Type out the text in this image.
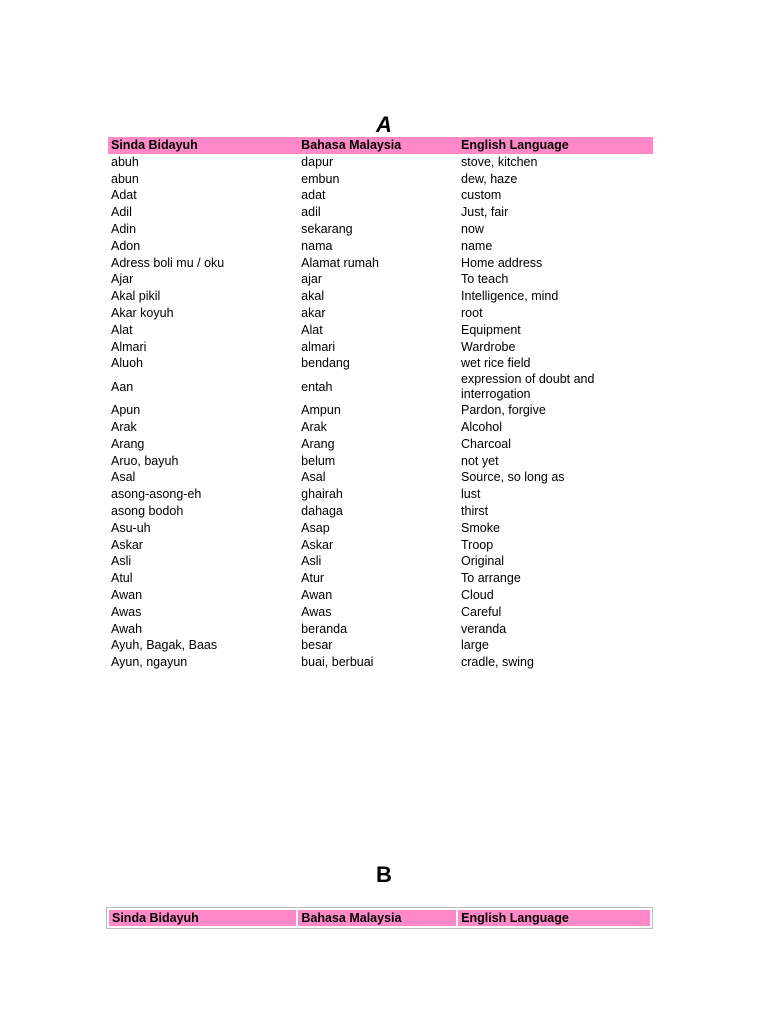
A
Sinda Bidayuh	Bahasa Malaysia	English Language
abuh	dapur	stove, kitchen
abun	embun	dew, haze
Adat	adat	custom
Adil	adil	Just, fair
Adin	sekarang	now
Adon	nama	name
Adress boli mu / oku	Alamat rumah	Home address
Ajar	ajar	To teach
Akal pikil	akal	Intelligence, mind
Akar koyuh	akar	root
Alat	Alat	Equipment
Almari	almari	Wardrobe
Aluoh	bendang	wet rice field
Aan	entah	expression of doubt and interrogation
Apun	Ampun	Pardon, forgive
Arak	Arak	Alcohol
Arang	Arang	Charcoal
Aruo, bayuh	belum	not yet
Asal	Asal	Source, so long as
asong-asong-eh	ghairah	lust
asong bodoh	dahaga	thirst
Asu-uh	Asap	Smoke
Askar	Askar	Troop
Asli	Asli	Original
Atul	Atur	To arrange
Awan	Awan	Cloud
Awas	Awas	Careful
Awah	beranda	veranda
Ayuh, Bagak, Baas	besar	large
Ayun, ngayun	buai, berbuai	cradle, swing
B
Sinda Bidayuh	Bahasa Malaysia	English Language
